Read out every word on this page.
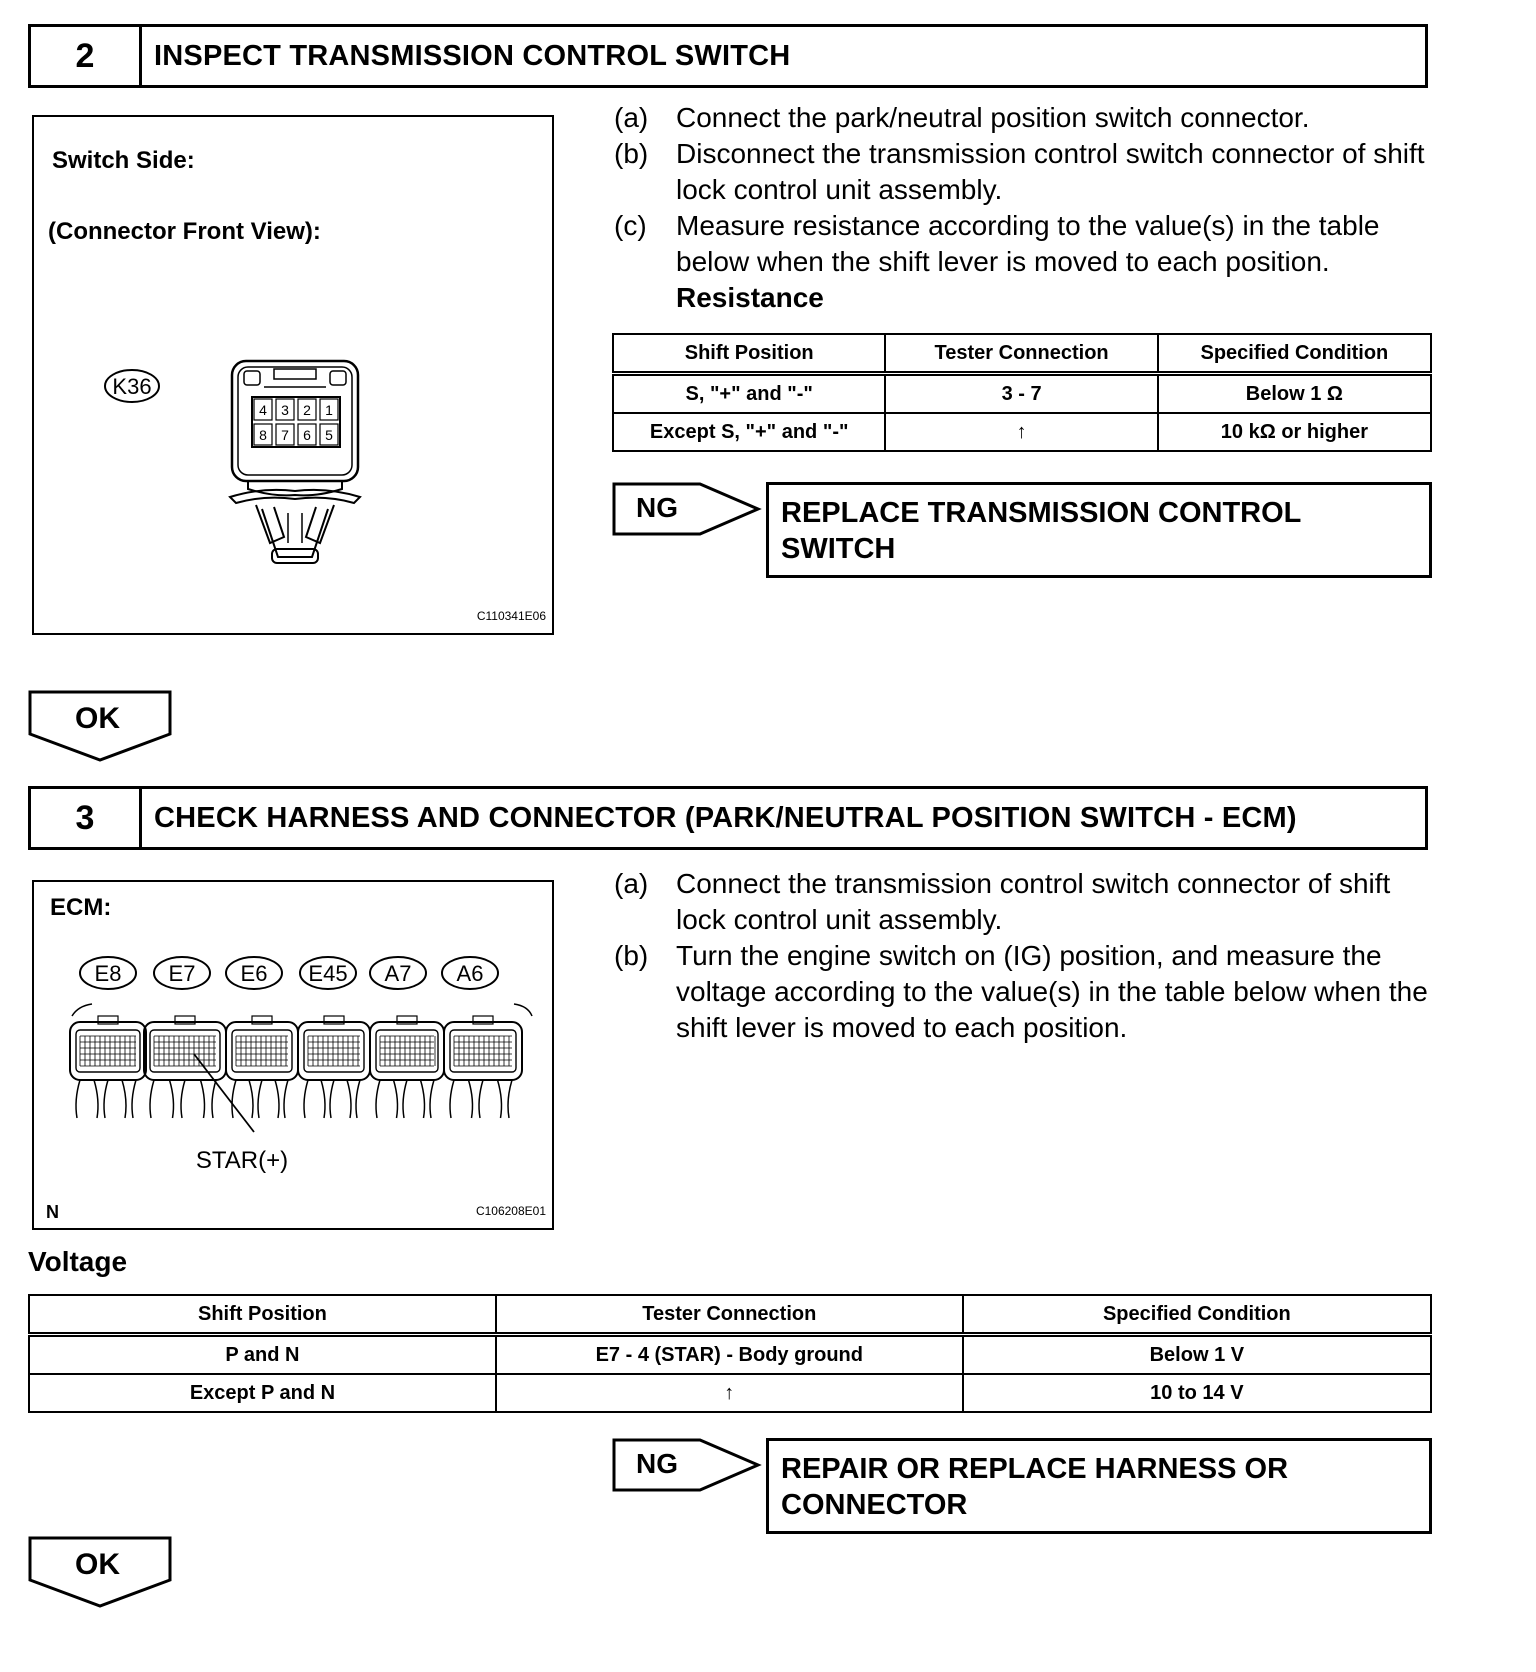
2	INSPECT TRANSMISSION CONTROL SWITCH
Switch Side:
(Connector Front View):
K36
4 3 2 1
8 7 6 5
C110341E06
(a) Connect the park/neutral position switch connector.
(b) Disconnect the transmission control switch connector of shift lock control unit assembly.
(c)	Measure resistance according to the value(s) in the table below when the shift lever is moved to each position.
Resistance
Shift Position	Tester Connection	Specified Condition
S, "+" and "-"	3 - 7	Below 1 Ω
Except S, "+" and "-"	↑	10 kΩ or higher
NG	REPLACE TRANSMISSION CONTROL SWITCH
OK
3	CHECK HARNESS AND CONNECTOR (PARK/NEUTRAL POSITION SWITCH - ECM)
ECM:
E8 E7 E6 E45 A7 A6
STAR(+)
N	C106208E01
(a) Connect the transmission control switch connector of shift lock control unit assembly.
(b) Turn the engine switch on (IG) position, and measure the voltage according to the value(s) in the table below when the shift lever is moved to each position.
Voltage
Shift Position	Tester Connection	Specified Condition
P and N	E7 - 4 (STAR) - Body ground	Below 1 V
Except P and N	↑	10 to 14 V
NG	REPAIR OR REPLACE HARNESS OR CONNECTOR
OK
